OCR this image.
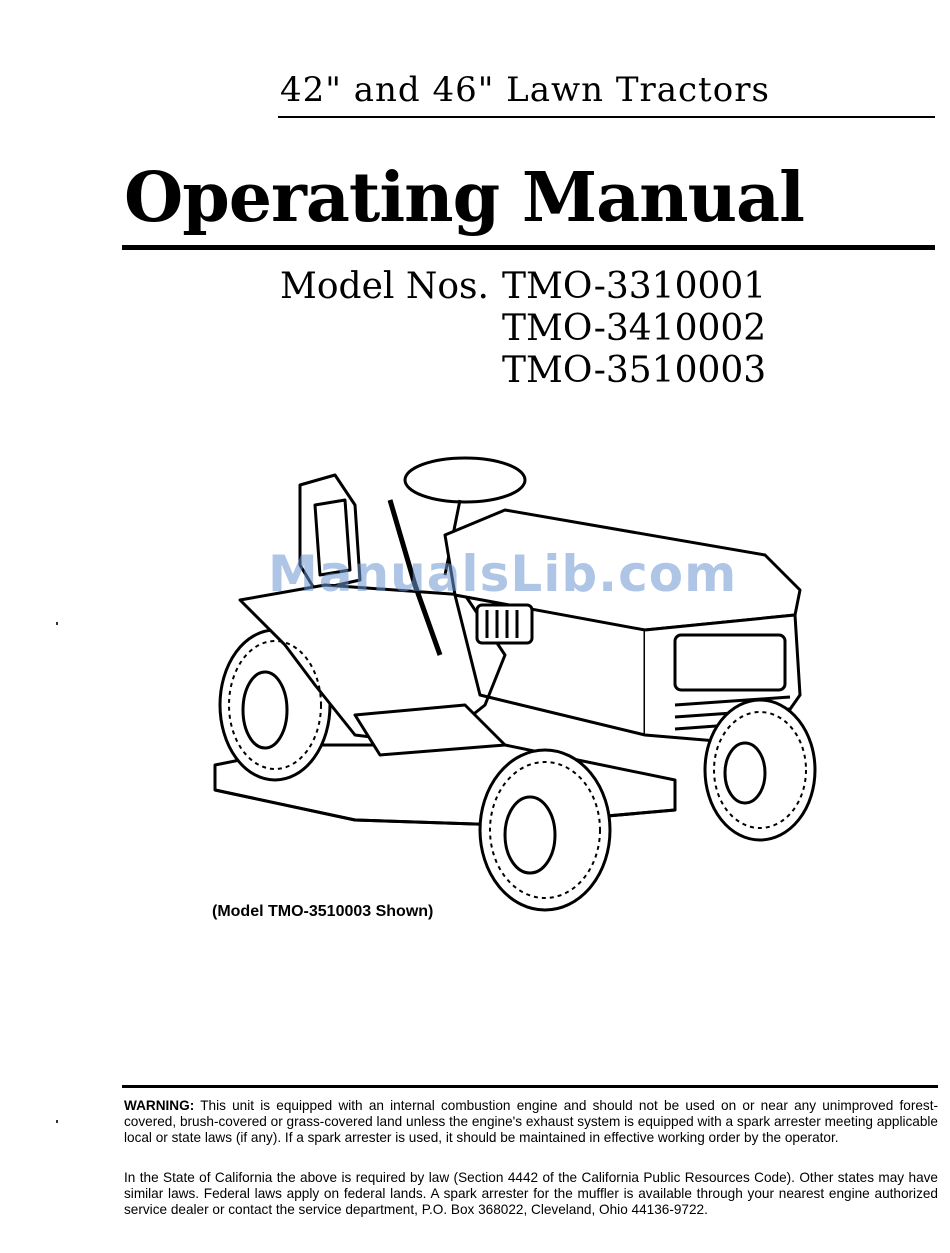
42" and 46" Lawn Tractors
Operating Manual
Model Nos. TMO-3310001
TMO-3410002
TMO-3510003
ManualsLib.com
(Model TMO-3510003 Shown)
WARNING: This unit is equipped with an internal combustion engine and should not be used on or near any unimproved forest-covered, brush-covered or grass-covered land unless the engine's exhaust system is equipped with a spark arrester meeting applicable local or state laws (if any). If a spark arrester is used, it should be maintained in effective working order by the operator.
In the State of California the above is required by law (Section 4442 of the California Public Resources Code). Other states may have similar laws. Federal laws apply on federal lands. A spark arrester for the muffler is available through your nearest engine authorized service dealer or contact the service department, P.O. Box 368022, Cleveland, Ohio 44136-9722.
